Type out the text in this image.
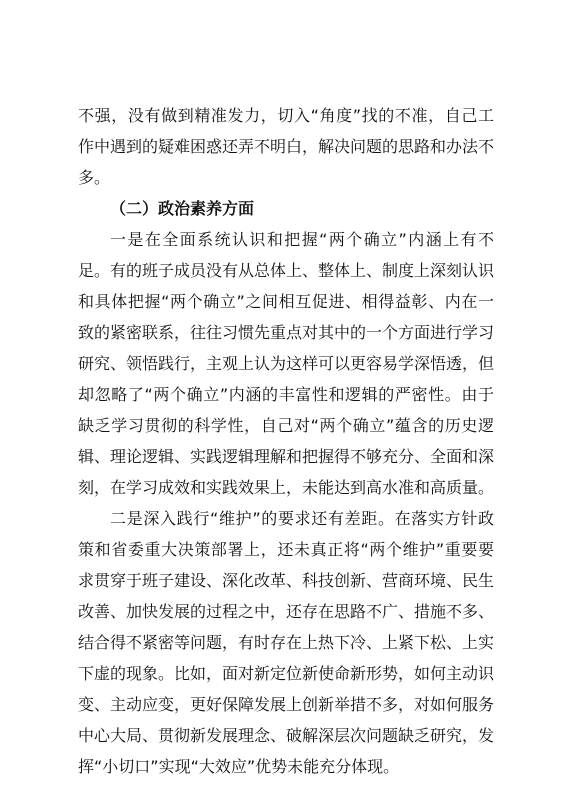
不强，没有做到精准发力，切入“角度”找的不准，自己工作中遇到的疑难困惑还弄不明白，解决问题的思路和办法不多。

（二）政治素养方面

一是在全面系统认识和把握“两个确立”内涵上有不足。有的班子成员没有从总体上、整体上、制度上深刻认识和具体把握“两个确立”之间相互促进、相得益彰、内在一致的紧密联系，往往习惯先重点对其中的一个方面进行学习研究、领悟践行，主观上认为这样可以更容易学深悟透，但却忽略了“两个确立”内涵的丰富性和逻辑的严密性。由于缺乏学习贯彻的科学性，自己对“两个确立”蕴含的历史逻辑、理论逻辑、实践逻辑理解和把握得不够充分、全面和深刻，在学习成效和实践效果上，未能达到高水准和高质量。

二是深入践行“维护”的要求还有差距。在落实方针政策和省委重大决策部署上，还未真正将“两个维护”重要要求贯穿于班子建设、深化改革、科技创新、营商环境、民生改善、加快发展的过程之中，还存在思路不广、措施不多、结合得不紧密等问题，有时存在上热下冷、上紧下松、上实下虚的现象。比如，面对新定位新使命新形势，如何主动识变、主动应变，更好保障发展上创新举措不多，对如何服务中心大局、贯彻新发展理念、破解深层次问题缺乏研究，发挥“小切口”实现“大效应”优势未能充分体现。
